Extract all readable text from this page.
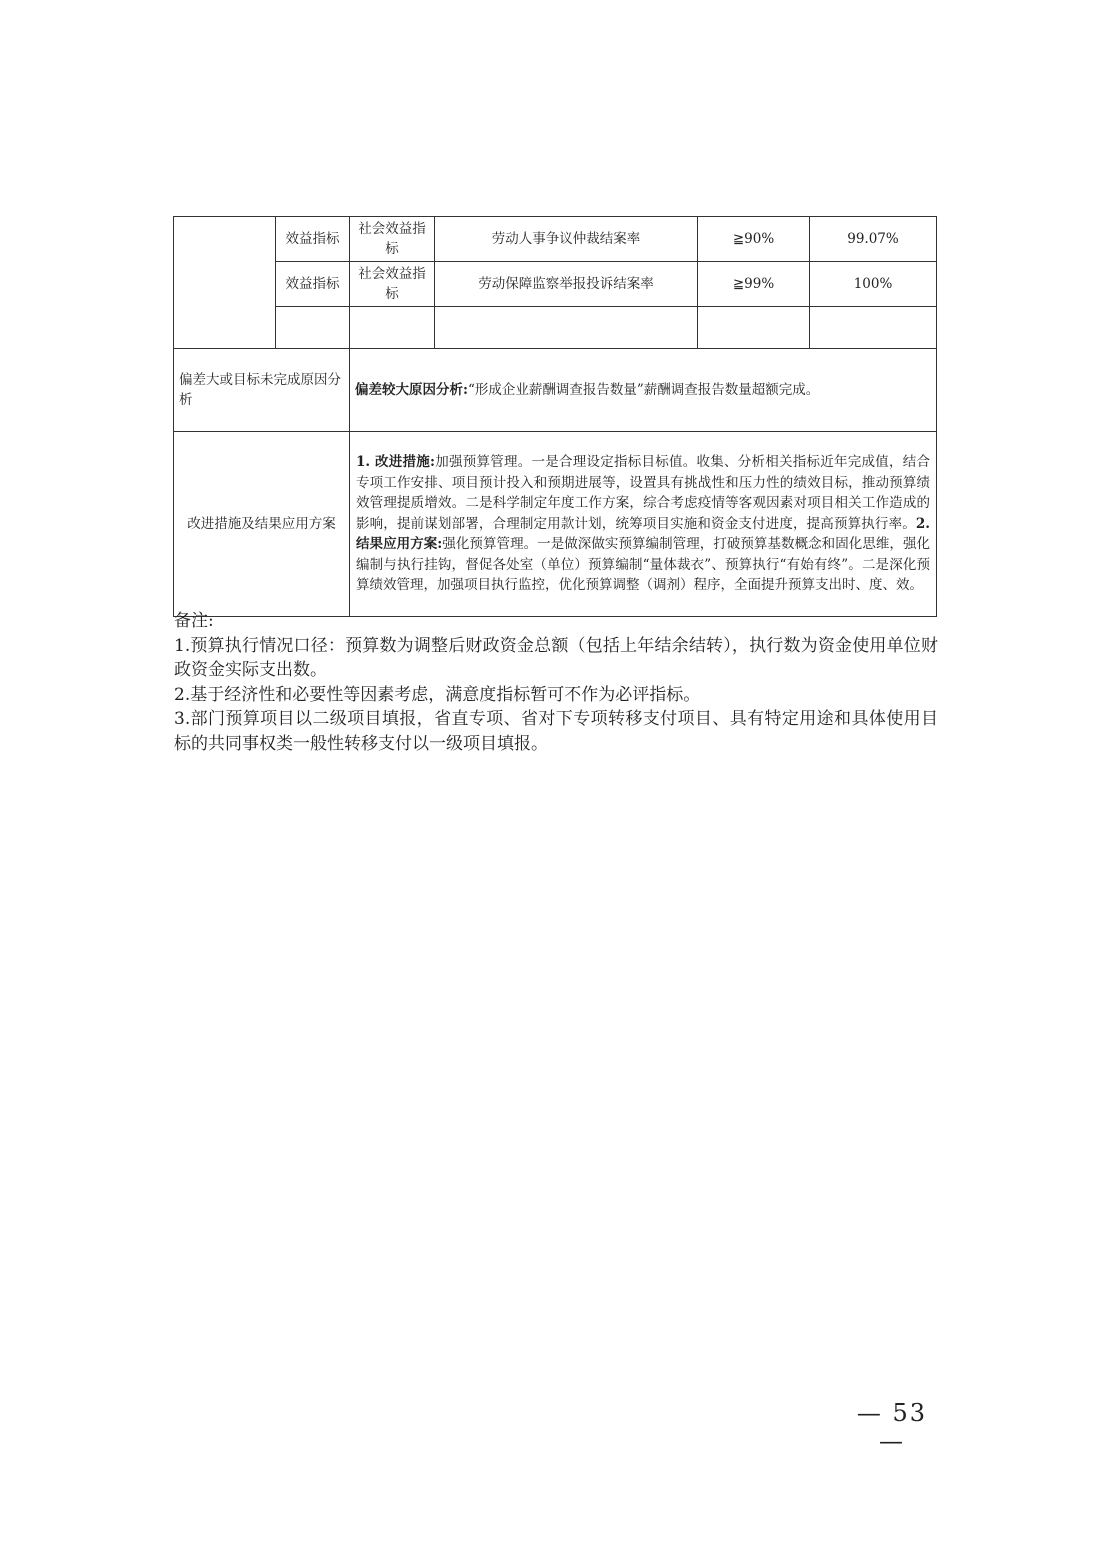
	效益指标	社会效益指标	劳动人事争议仲裁结案率	≧90%	99.07%
	效益指标	社会效益指标	劳动保障监察举报投诉结案率	≧99%	100%

偏差大或目标未完成原因分析		偏差较大原因分析:“形成企业薪酬调查报告数量”薪酬调查报告数量超额完成。			
改进措施及结果应用方案		1. 改进措施:加强预算管理。一是合理设定指标目标值。收集、分析相关指标近年完成值，结合专项工作安排、项目预计投入和预期进展等，设置具有挑战性和压力性的绩效目标，推动预算绩效管理提质增效。二是科学制定年度工作方案，综合考虑疫情等客观因素对项目相关工作造成的影响，提前谋划部署，合理制定用款计划，统筹项目实施和资金支付进度，提高预算执行率。2. 结果应用方案:强化预算管理。一是做深做实预算编制管理，打破预算基数概念和固化思维，强化编制与执行挂钩，督促各处室（单位）预算编制“量体裁衣”、预算执行“有始有终”。二是深化预算绩效管理，加强项目执行监控，优化预算调整（调剂）程序，全面提升预算支出时、度、效。			

备注:

1.预算执行情况口径：预算数为调整后财政资金总额（包括上年结余结转），执行数为资金使用单位财政资金实际支出数。

2.基于经济性和必要性等因素考虑，满意度指标暂可不作为必评指标。

3.部门预算项目以二级项目填报，省直专项、省对下专项转移支付项目、具有特定用途和具体使用目标的共同事权类一般性转移支付以一级项目填报。

— 53 —
